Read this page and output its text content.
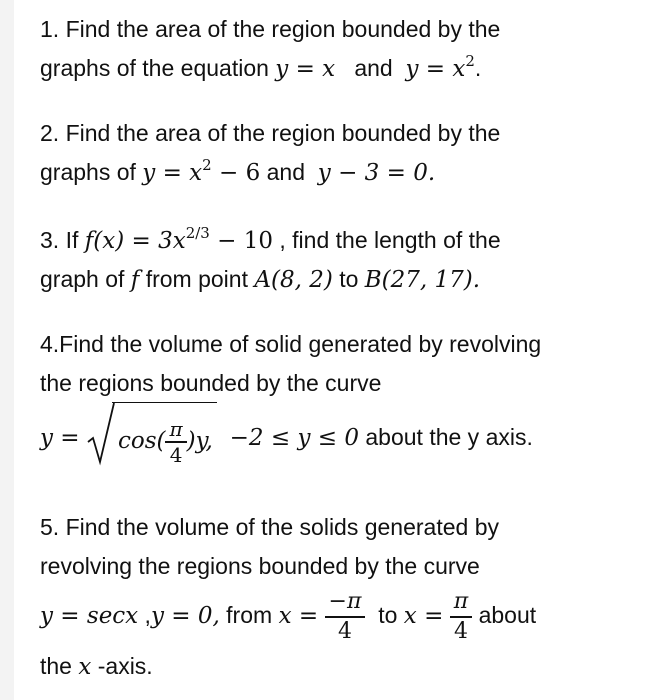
1. Find the area of the region bounded by the
graphs of the equation y = x and $y = x^2$.
2. Find the area of the region bounded by the
graphs of $y = x^2 - 6$ and y − 3 = 0.
3. If $f(x) = 3x^{2/3} - 10$ , find the length of the
graph of f from point A(8, 2) to B(27, 17).
4.Find the volume of solid generated by revolving
the regions bounded by the curve
$y = \cos( \frac{\pi}{4} )y$, −2 ≤ y ≤ 0 about the y axis.
5. Find the volume of the solids generated by
revolving the regions bounded by the curve
y = secx ,y = 0, from $x = \frac{-\pi}{4}$ to $x = \frac{\pi}{4}$ about
the x -axis.
